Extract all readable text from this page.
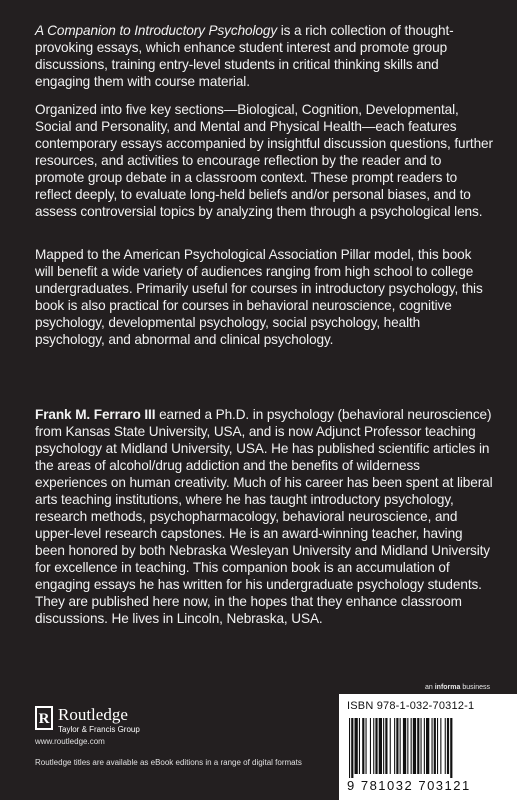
A Companion to Introductory Psychology is a rich collection of thought-provoking essays, which enhance student interest and promote group discussions, training entry-level students in critical thinking skills and engaging them with course material.

Organized into five key sections—Biological, Cognition, Developmental, Social and Personality, and Mental and Physical Health—each features contemporary essays accompanied by insightful discussion questions, further resources, and activities to encourage reflection by the reader and to promote group debate in a classroom context. These prompt readers to reflect deeply, to evaluate long-held beliefs and/or personal biases, and to assess controversial topics by analyzing them through a psychological lens.

Mapped to the American Psychological Association Pillar model, this book will benefit a wide variety of audiences ranging from high school to college undergraduates. Primarily useful for courses in introductory psychology, this book is also practical for courses in behavioral neuroscience, cognitive psychology, developmental psychology, social psychology, health psychology, and abnormal and clinical psychology.

Frank M. Ferraro III earned a Ph.D. in psychology (behavioral neuroscience) from Kansas State University, USA, and is now Adjunct Professor teaching psychology at Midland University, USA. He has published scientific articles in the areas of alcohol/drug addiction and the benefits of wilderness experiences on human creativity. Much of his career has been spent at liberal arts teaching institutions, where he has taught introductory psychology, research methods, psychopharmacology, behavioral neuroscience, and upper-level research capstones. He is an award-winning teacher, having been honored by both Nebraska Wesleyan University and Midland University for excellence in teaching. This companion book is an accumulation of engaging essays he has written for his undergraduate psychology students. They are published here now, in the hopes that they enhance classroom discussions. He lives in Lincoln, Nebraska, USA.

an informa business
R Routledge
Taylor & Francis Group
www.routledge.com
Routledge titles are available as eBook editions in a range of digital formats
ISBN 978-1-032-70312-1
9 781032 703121
